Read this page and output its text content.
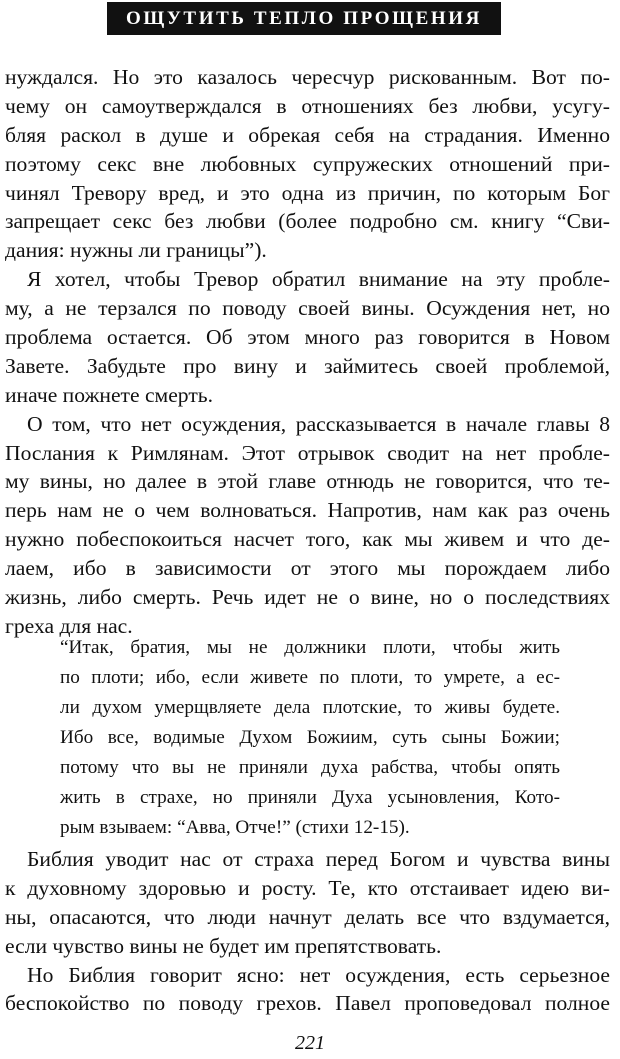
ОЩУТИТЬ ТЕПЛО ПРОЩЕНИЯ
нуждался. Но это казалось чересчур рискованным. Вот по-
чему он самоутверждался в отношениях без любви, усугу-
бляя раскол в душе и обрекая себя на страдания. Именно
поэтому секс вне любовных супружеских отношений при-
чинял Тревору вред, и это одна из причин, по которым Бог
запрещает секс без любви (более подробно см. книгу “Сви-
дания: нужны ли границы”).
Я хотел, чтобы Тревор обратил внимание на эту пробле-
му, а не терзался по поводу своей вины. Осуждения нет, но
проблема остается. Об этом много раз говорится в Новом
Завете. Забудьте про вину и займитесь своей проблемой,
иначе пожнете смерть.
О том, что нет осуждения, рассказывается в начале главы 8
Послания к Римлянам. Этот отрывок сводит на нет пробле-
му вины, но далее в этой главе отнюдь не говорится, что те-
перь нам не о чем волноваться. Напротив, нам как раз очень
нужно побеспокоиться насчет того, как мы живем и что де-
лаем, ибо в зависимости от этого мы порождаем либо
жизнь, либо смерть. Речь идет не о вине, но о последствиях
греха для нас.
“Итак, братия, мы не должники плоти, чтобы жить
по плоти; ибо, если живете по плоти, то умрете, а ес-
ли духом умерщвляете дела плотские, то живы будете.
Ибо все, водимые Духом Божиим, суть сыны Божии;
потому что вы не приняли духа рабства, чтобы опять
жить в страхе, но приняли Духа усыновления, Кото-
рым взываем: “Авва, Отче!” (стихи 12-15).
Библия уводит нас от страха перед Богом и чувства вины
к духовному здоровью и росту. Те, кто отстаивает идею ви-
ны, опасаются, что люди начнут делать все что вздумается,
если чувство вины не будет им препятствовать.
Но Библия говорит ясно: нет осуждения, есть серьезное
беспокойство по поводу грехов. Павел проповедовал полное
221
